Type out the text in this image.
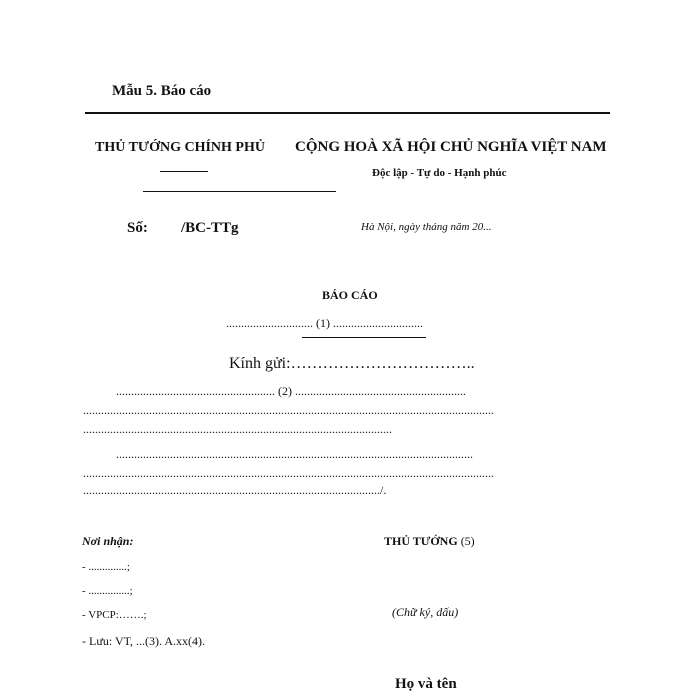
Mẫu 5. Báo cáo
THỦ TƯỚNG CHÍNH PHỦ CỘNG HOÀ XÃ HỘI CHỦ NGHĨA VIỆT NAM
Độc lập - Tự do - Hạnh phúc
Số: /BC-TTg	Hà Nội, ngày tháng năm 20...
BÁO CÁO
............................. (1) ..............................
Kính gửi:……………………………..
..................................................... (2) .........................................................
.........................................................................................................................................
.......................................................................................................
.......................................................................................................................
.........................................................................................................................................
.................................................................................................../.
Nơi nhận:
- ..............;
- ...............;
- VPCP:…….;
- Lưu: VT, ...(3). A.xx(4).
THỦ TƯỚNG (5)
(Chữ ký, dấu)
Họ và tên
